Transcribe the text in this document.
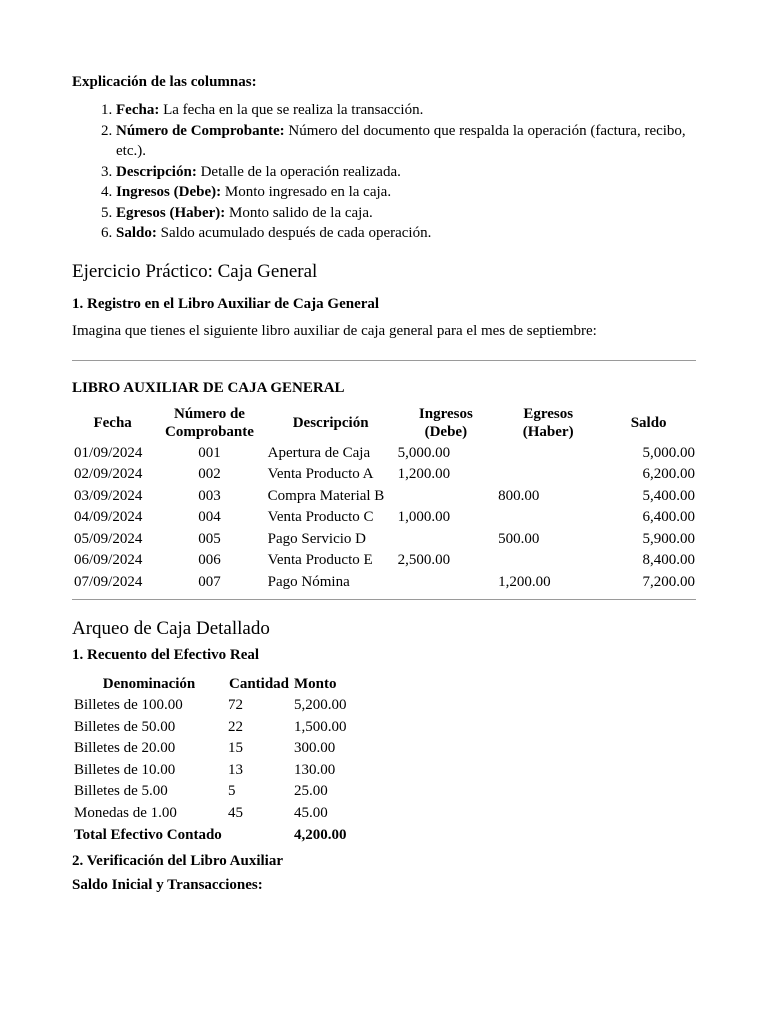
Explicación de las columnas:

1. Fecha: La fecha en la que se realiza la transacción.
2. Número de Comprobante: Número del documento que respalda la operación (factura, recibo, etc.).
3. Descripción: Detalle de la operación realizada.
4. Ingresos (Debe): Monto ingresado en la caja.
5. Egresos (Haber): Monto salido de la caja.
6. Saldo: Saldo acumulado después de cada operación.
Ejercicio Práctico: Caja General
1. Registro en el Libro Auxiliar de Caja General

Imagina que tienes el siguiente libro auxiliar de caja general para el mes de septiembre:

LIBRO AUXILIAR DE CAJA GENERAL

Fecha	Número de Comprobante	Descripción	Ingresos (Debe)	Egresos (Haber)	Saldo
01/09/2024	001	Apertura de Caja	5,000.00		5,000.00
02/09/2024	002	Venta Producto A	1,200.00		6,200.00
03/09/2024	003	Compra Material B		800.00	5,400.00
04/09/2024	004	Venta Producto C	1,000.00		6,400.00
05/09/2024	005	Pago Servicio D		500.00	5,900.00
06/09/2024	006	Venta Producto E	2,500.00		8,400.00
07/09/2024	007	Pago Nómina		1,200.00	7,200.00
Arqueo de Caja Detallado
1. Recuento del Efectivo Real
Denominación	Cantidad	Monto
Billetes de 100.00	72	5,200.00
Billetes de 50.00	22	1,500.00
Billetes de 20.00	15	300.00
Billetes de 10.00	13	130.00
Billetes de 5.00	5	25.00
Monedas de 1.00	45	45.00
Total Efectivo Contado		4,200.00

2. Verificación del Libro Auxiliar

Saldo Inicial y Transacciones:
